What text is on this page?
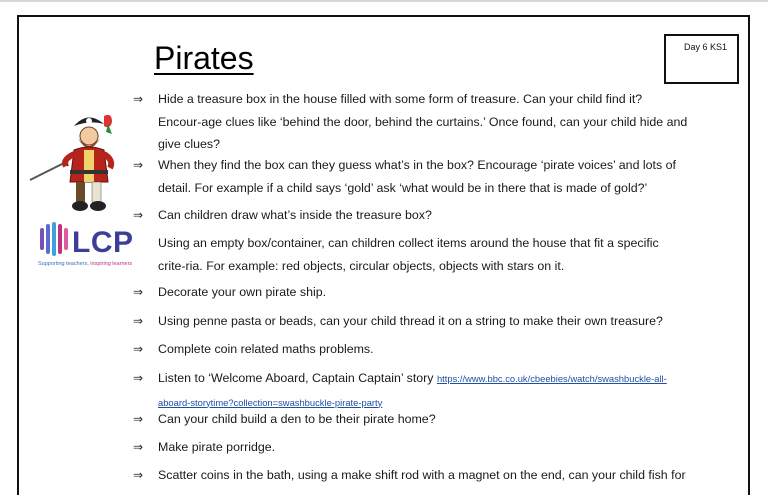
Pirates	Day 6 KS1
LCP
Supporting teachers, inspiring learners
⇒ Hide a treasure box in the house filled with some form of treasure. Can your child find it? Encour-age clues like ‘behind the door, behind the curtains.’ Once found, can your child hide and give clues?
⇒ When they find the box can they guess what’s in the box? Encourage ‘pirate voices’ and lots of detail. For example if a child says ‘gold’ ask ‘what would be in there that is made of gold?’
⇒ Can children draw what’s inside the treasure box?
Using an empty box/container, can children collect items around the house that fit a specific crite-ria. For example: red objects, circular objects, objects with stars on it.
⇒ Decorate your own pirate ship.
⇒ Using penne pasta or beads, can your child thread it on a string to make their own treasure?
⇒ Complete coin related maths problems.
⇒ Listen to ‘Welcome Aboard, Captain Captain’ story https://www.bbc.co.uk/cbeebies/watch/swashbuckle-all-aboard-storytime?collection=swashbuckle-pirate-party
⇒ Can your child build a den to be their pirate home?
⇒ Make pirate porridge.
⇒ Scatter coins in the bath, using a make shift rod with a magnet on the end, can your child fish for
